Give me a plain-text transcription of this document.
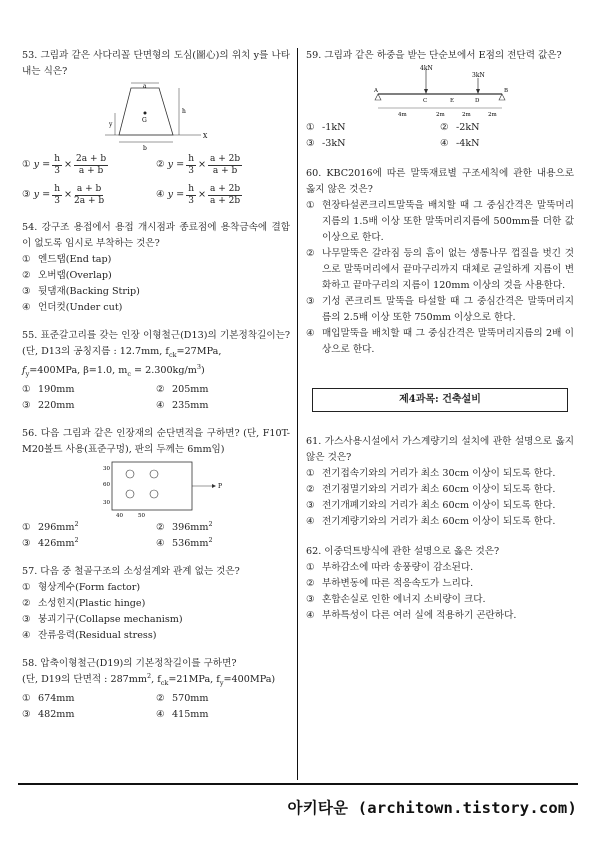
53. 그림과 같은 사다리꼴 단면형의 도심(圖心)의 위치 y를 나타내는 식은?
a
b
h
G
y
X
①
$y = \frac{h}{3} \times \frac{2a + b}{a + b}$	②
$y = \frac{h}{3} \times \frac{a + 2b}{a + b}$
③
$y = \frac{h}{3} \times \frac{a + b}{2a + b}$	④
$y = \frac{h}{3} \times \frac{a + 2b}{a + 2b}$
54. 강구조 용접에서 용접 개시점과 종료점에 용착금속에 결함이 없도록 임시로 부착하는 것은?
① 엔드탭(End tap)
② 오버랩(Overlap)
③ 뒷댐재(Backing Strip)
④ 언더컷(Under cut)
55. 표준갈고리를 갖는 인장 이형철근(D13)의 기본정착길이는? (단, D13의 공칭지름 : 12.7mm, $f_{ck}=27MPa$,
$f_y=400MPa$, β=1.0, $m_c = 2.300kg/m^3$)
① 190mm	② 205mm
③ 220mm	④ 235mm
56. 다음 그림과 같은 인장재의 순단면적을 구하면? (단, F10T-M20볼트 사용(표준구멍), 판의 두께는 6mm임)
P
30
60
30
40	50
① $296mm^2$	② $396mm^2$
③ $426mm^2$	④ $536mm^2$
57. 다음 중 철골구조의 소성설계와 관계 없는 것은?
① 형상계수(Form factor)
② 소성힌지(Plastic hinge)
③ 붕괴기구(Collapse mechanism)
④ 잔류응력(Residual stress)
58. 압축이형철근(D19)의 기본정착길이를 구하면?
(단, D19의 단면적 : $287mm^2$, $f_{ck}=21MPa$, $f_y=400MPa$)
① 674mm	② 570mm
③ 482mm	④ 415mm
59. 그림과 같은 하중을 받는 단순보에서 E점의 전단력 값은?
4kN
3kN
A
C	E	D
B
4m	2m	2m	2m
① -1kN	② -2kN
③ -3kN	④ -4kN
60. KBC2016에 따른 말뚝재료별 구조세칙에 관한 내용으로 옳지 않은 것은?
① 현장타설콘크리트말뚝을 배치할 때 그 중심간격은 말뚝머리지름의 1.5배 이상 또한 말뚝머리지름에 500mm를 더한 값 이상으로 한다.
② 나무말뚝은 갈라짐 등의 흠이 없는 생통나무 껍질을 벗긴 것으로 말뚝머리에서 끝마구리까지 대체로 균일하게 지름이 변화하고 끝마구리의 지름이 120mm 이상의 것을 사용한다.
③ 기성 콘크리트 말뚝을 타설할 때 그 중심간격은 말뚝머리지름의 2.5배 이상 또한 750mm 이상으로 한다.
④ 매입말뚝을 배치할 때 그 중심간격은 말뚝머리지름의 2배 이상으로 한다.
제4과목: 건축설비
61. 가스사용시설에서 가스계량기의 설치에 관한 설명으로 옳지 않은 것은?
① 전기접속기와의 거리가 최소 30cm 이상이 되도록 한다.
② 전기점멸기와의 거리가 최소 60cm 이상이 되도록 한다.
③ 전기개폐기와의 거리가 최소 60cm 이상이 되도록 한다.
④ 전기계량기와의 거리가 최소 60cm 이상이 되도록 한다.
62. 이중덕트방식에 관한 설명으로 옳은 것은?
① 부하감소에 따라 송풍량이 감소된다.
② 부하변동에 따른 적응속도가 느리다.
③ 혼합손실로 인한 에너지 소비량이 크다.
④ 부하특성이 다른 여러 실에 적용하기 곤란하다.
아키타운 (architown.tistory.com)
